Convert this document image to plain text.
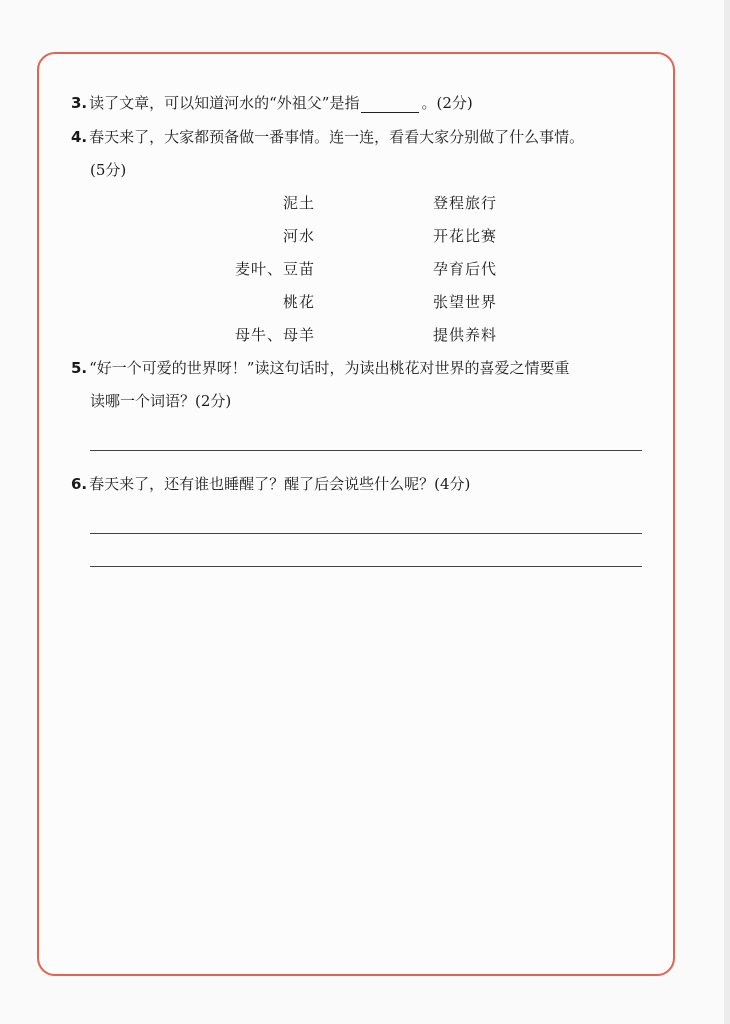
3. 读了文章，可以知道河水的“外祖父”是指	。(2分)
4. 春天来了，大家都预备做一番事情。连一连，看看大家分别做了什么事情。
(5分)
泥土
河水
麦叶、豆苗
桃花
母牛、母羊
登程旅行
开花比赛
孕育后代
张望世界
提供养料
5. “好一个可爱的世界呀！”读这句话时，为读出桃花对世界的喜爱之情要重
读哪一个词语？(2分)
6. 春天来了，还有谁也睡醒了？醒了后会说些什么呢？(4分)
